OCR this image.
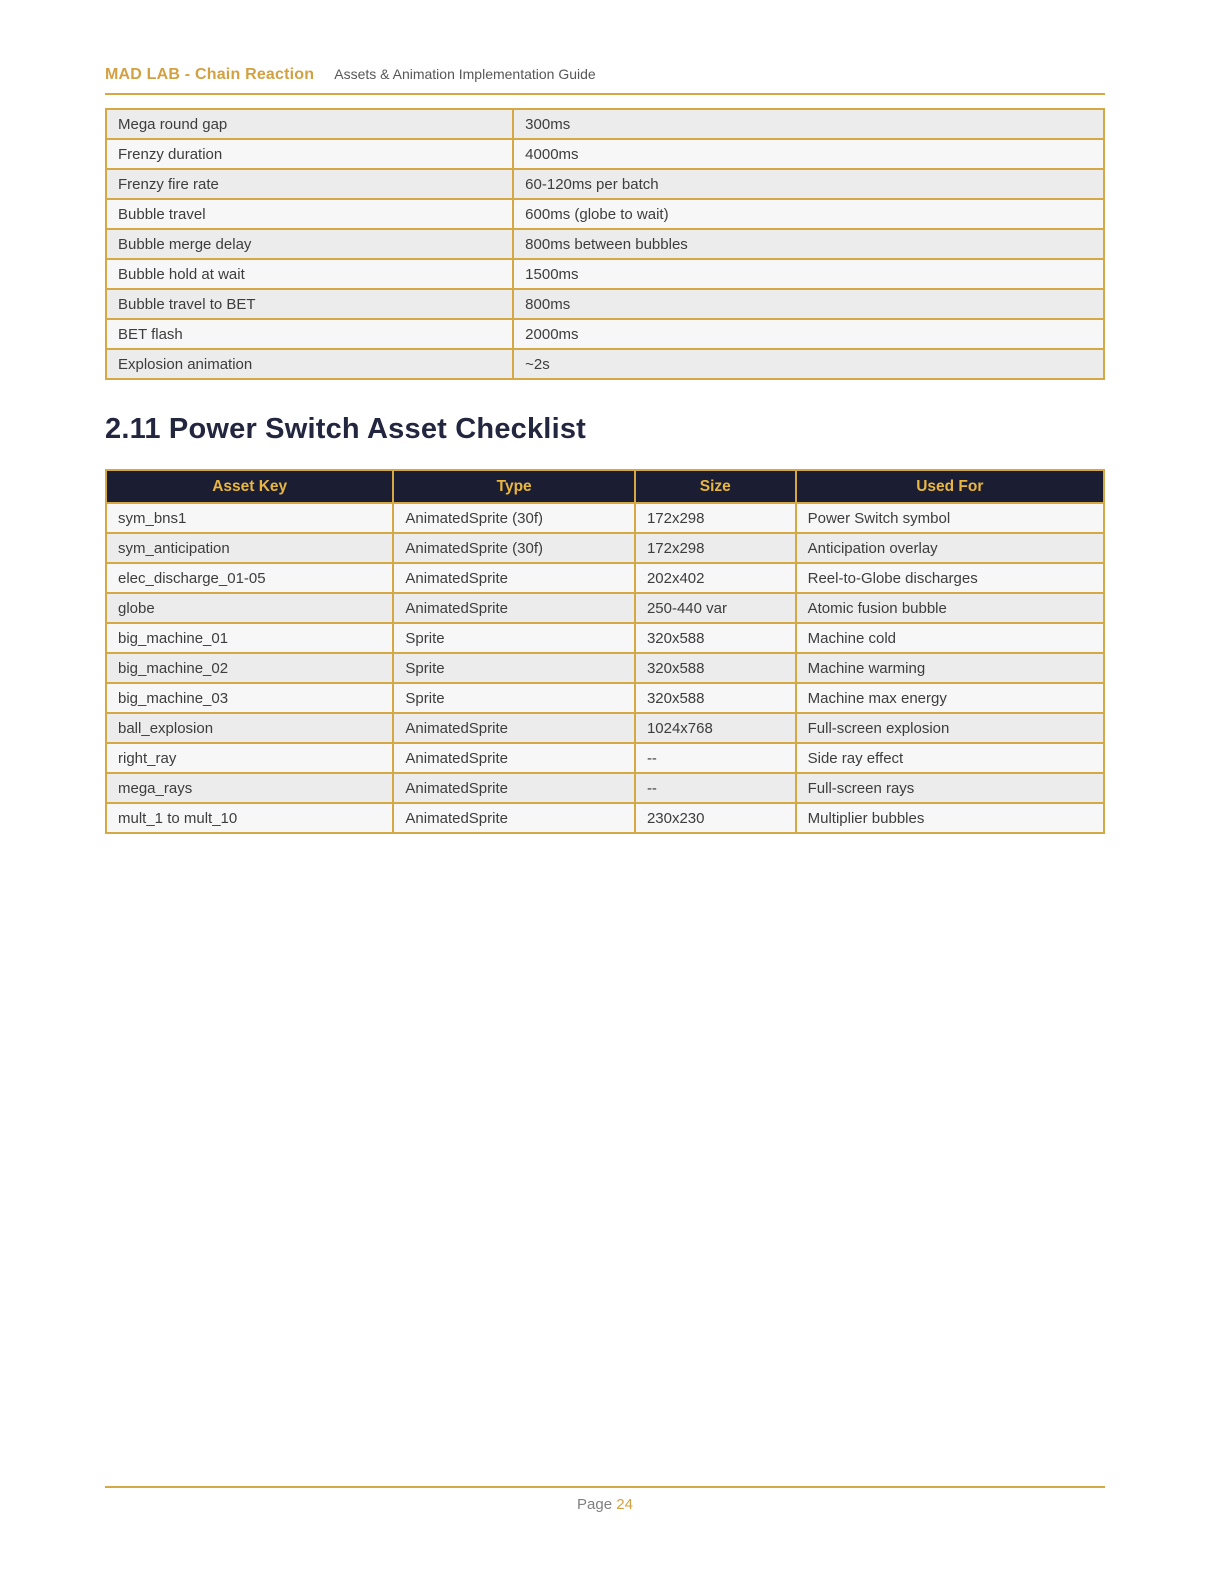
MAD LAB - Chain Reaction Assets & Animation Implementation Guide
Mega round gap	300ms
Frenzy duration	4000ms
Frenzy fire rate	60-120ms per batch
Bubble travel	600ms (globe to wait)
Bubble merge delay	800ms between bubbles
Bubble hold at wait	1500ms
Bubble travel to BET	800ms
BET flash	2000ms
Explosion animation	~2s
2.11 Power Switch Asset Checklist
Asset Key	Type	Size	Used For
sym_bns1	AnimatedSprite (30f)	172x298	Power Switch symbol
sym_anticipation	AnimatedSprite (30f)	172x298	Anticipation overlay
elec_discharge_01-05	AnimatedSprite	202x402	Reel-to-Globe discharges
globe	AnimatedSprite	250-440 var	Atomic fusion bubble
big_machine_01	Sprite	320x588	Machine cold
big_machine_02	Sprite	320x588	Machine warming
big_machine_03	Sprite	320x588	Machine max energy
ball_explosion	AnimatedSprite	1024x768	Full-screen explosion
right_ray	AnimatedSprite	--	Side ray effect
mega_rays	AnimatedSprite	--	Full-screen rays
mult_1 to mult_10	AnimatedSprite	230x230	Multiplier bubbles
Page 24
